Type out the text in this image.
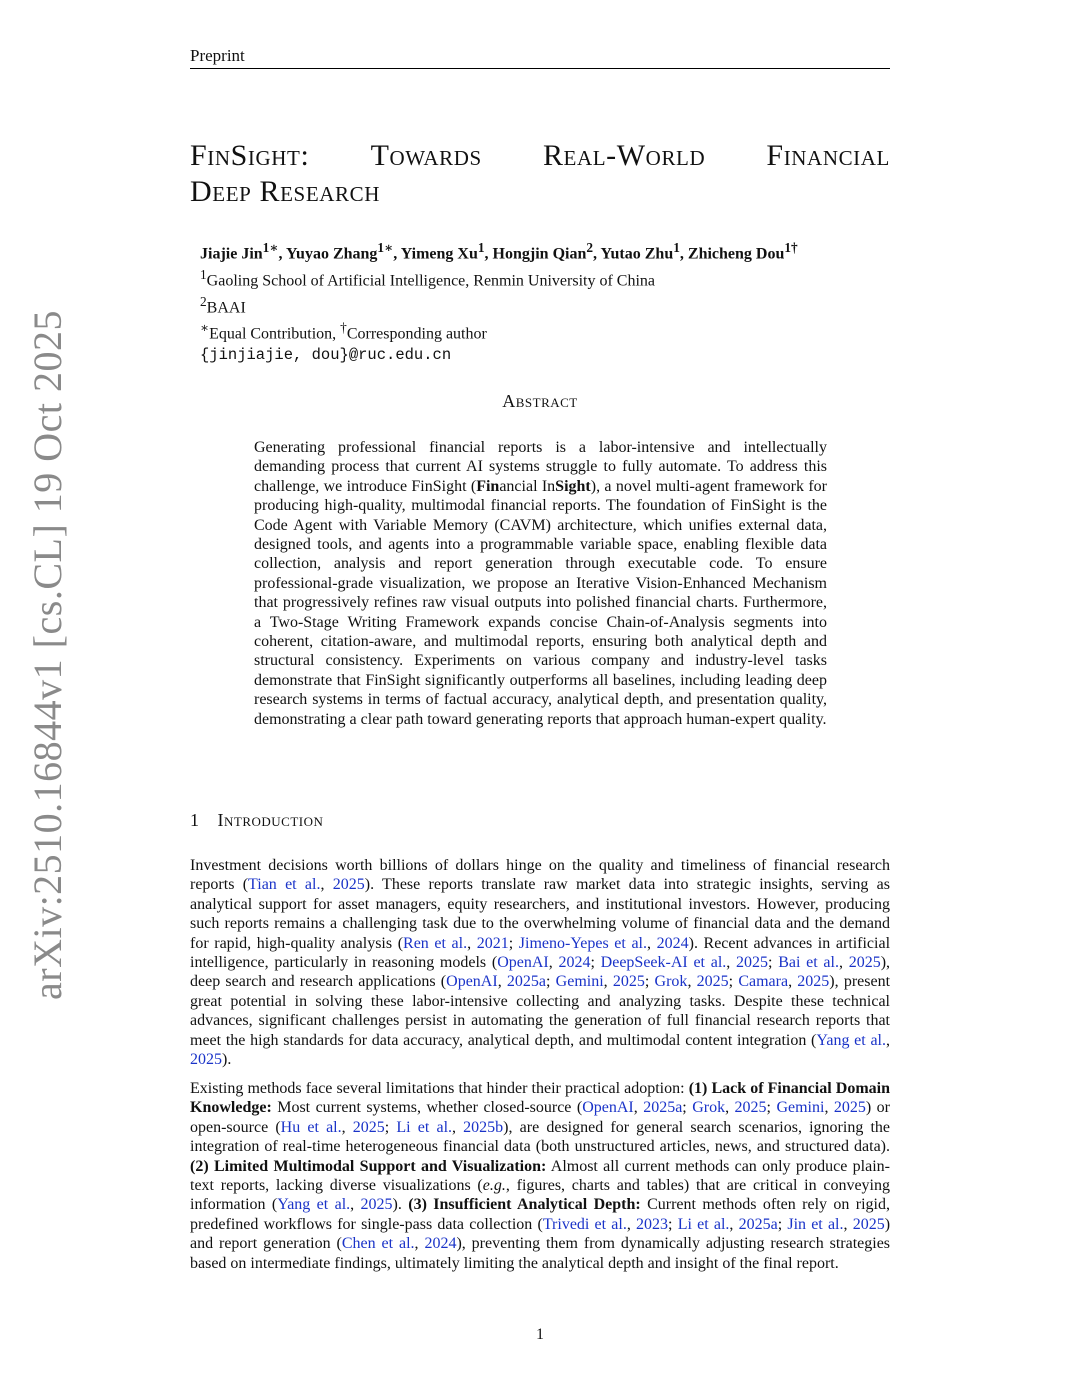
Preprint
arXiv:2510.16844v1 [cs.CL] 19 Oct 2025
FinSight: Towards Real-World Financial
Deep Research
Jiajie Jin$^{1∗}$, Yuyao Zhang$^{1∗}$, Yimeng Xu$^1$, Hongjin Qian$^2$, Yutao Zhu$^1$, Zhicheng Dou$^{1\dagger}$
$^1$Gaoling School of Artificial Intelligence, Renmin University of China
$^2$BAAI
∗Equal Contribution, †Corresponding author
{jinjiajie, dou}@ruc.edu.cn
Abstract
Generating professional financial reports is a labor-intensive and intellectually demanding process that current AI systems struggle to fully automate. To address this challenge, we introduce FinSight (Financial InSight), a novel multi-agent framework for producing high-quality, multimodal financial reports. The foundation of FinSight is the Code Agent with Variable Memory (CAVM) architecture, which unifies external data, designed tools, and agents into a programmable variable space, enabling flexible data collection, analysis and report generation through executable code. To ensure professional-grade visualization, we propose an Iterative Vision-Enhanced Mechanism that progressively refines raw visual outputs into polished financial charts. Furthermore, a Two-Stage Writing Framework expands concise Chain-of-Analysis segments into coherent, citation-aware, and multimodal reports, ensuring both analytical depth and structural consistency. Experiments on various company and industry-level tasks demonstrate that FinSight significantly outperforms all baselines, including leading deep research systems in terms of factual accuracy, analytical depth, and presentation quality, demonstrating a clear path toward generating reports that approach human-expert quality.
1 Introduction
Investment decisions worth billions of dollars hinge on the quality and timeliness of financial research reports (Tian et al., 2025). These reports translate raw market data into strategic insights, serving as analytical support for asset managers, equity researchers, and institutional investors. However, producing such reports remains a challenging task due to the overwhelming volume of financial data and the demand for rapid, high-quality analysis (Ren et al., 2021; Jimeno-Yepes et al., 2024). Recent advances in artificial intelligence, particularly in reasoning models (OpenAI, 2024; DeepSeek-AI et al., 2025; Bai et al., 2025), deep search and research applications (OpenAI, 2025a; Gemini, 2025; Grok, 2025; Camara, 2025), present great potential in solving these labor-intensive collecting and analyzing tasks. Despite these technical advances, significant challenges persist in automating the generation of full financial research reports that meet the high standards for data accuracy, analytical depth, and multimodal content integration (Yang et al., 2025).
Existing methods face several limitations that hinder their practical adoption: (1) Lack of Financial Domain Knowledge: Most current systems, whether closed-source (OpenAI, 2025a; Grok, 2025; Gemini, 2025) or open-source (Hu et al., 2025; Li et al., 2025b), are designed for general search scenarios, ignoring the integration of real-time heterogeneous financial data (both unstructured articles, news, and structured data). (2) Limited Multimodal Support and Visualization: Almost all current methods can only produce plain-text reports, lacking diverse visualizations (e.g., figures, charts and tables) that are critical in conveying information (Yang et al., 2025). (3) Insufficient Analytical Depth: Current methods often rely on rigid, predefined workflows for single-pass data collection (Trivedi et al., 2023; Li et al., 2025a; Jin et al., 2025) and report generation (Chen et al., 2024), preventing them from dynamically adjusting research strategies based on intermediate findings, ultimately limiting the analytical depth and insight of the final report.
1
